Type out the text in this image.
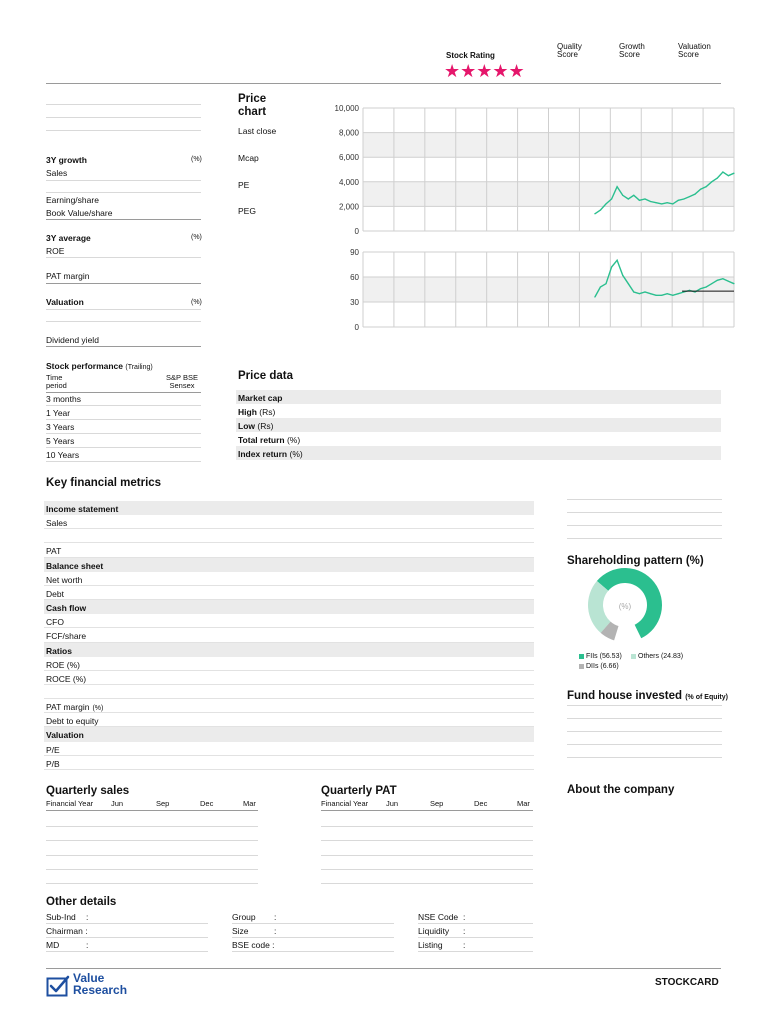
Stock Rating
★★★★★
Quality
Score
Growth
Score
Valuation
Score
3Y growth	(%)
Sales
Earning/share
Book Value/share
3Y average	(%)
ROE
PAT margin
Valuation	(%)
Dividend yield
Stock performance (Trailing)
Time
period
S&P BSE
Sensex
3 months
1 Year
3 Years
5 Years
10 Years
Price
chart
Last close
Mcap
PE
PEG
10,000
8,000
6,000
4,000
2,000
0
90
60
30
0
Price data
Market cap
High (Rs)
Low (Rs)
Total return (%)
Index return (%)
Key financial metrics
Income statement
Sales
PAT
Balance sheet
Net worth
Debt
Cash flow
CFO
FCF/share
Ratios
ROE (%)
ROCE (%)
PAT margin (%)
Debt to equity
Valuation
P/E
P/B
Shareholding pattern (%)
(%)
FIIs (56.53)	Others (24.83)
DIIs (6.66)
Fund house invested (% of Equity)
About the company
Quarterly sales
Financial Year Jun	Sep	Dec	Mar
Quarterly PAT
Financial Year Jun	Sep	Dec	Mar
Other details
Sub-Ind :
Chairman :
MD	:
Group :
Size	:
BSE code :
NSE Code :
Liquidity :
Listing :
Value
Research	STOCKCARD
